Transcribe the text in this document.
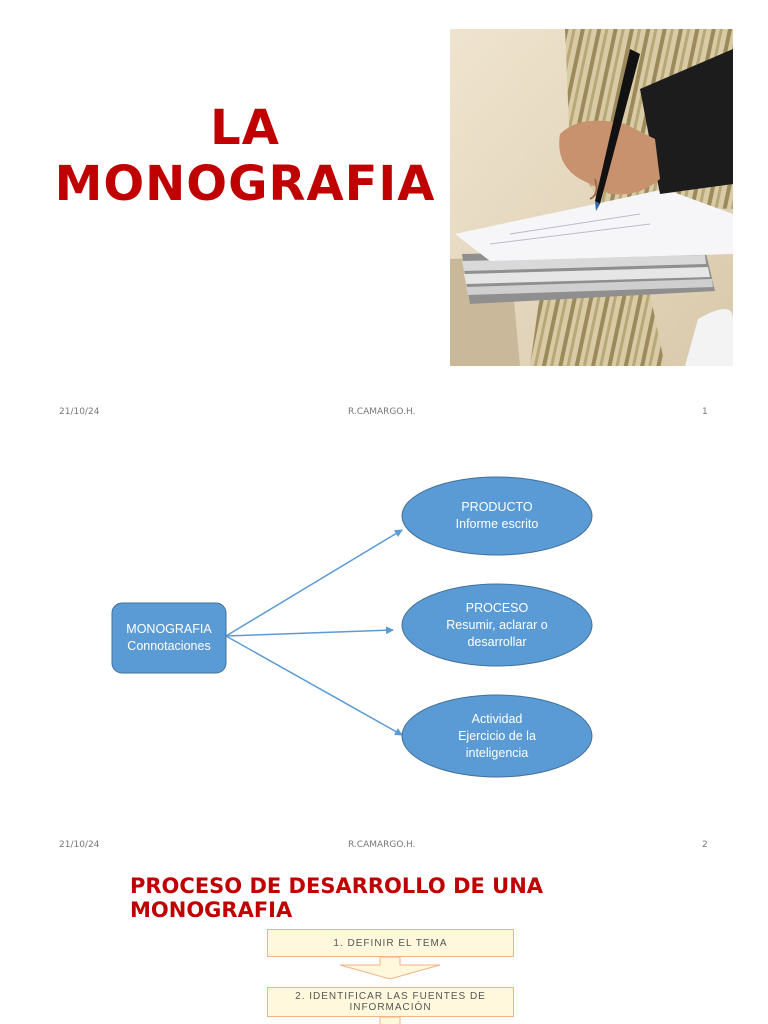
LA
MONOGRAFIA
21/10/24	R.CAMARGO.H.	1
MONOGRAFIA
Connotaciones
PRODUCTO
Informe escrito
PROCESO
Resumir, aclarar o
desarrollar
Actividad
Ejercicio de la
inteligencia
21/10/24	R.CAMARGO.H.	2
PROCESO DE DESARROLLO DE UNA
MONOGRAFIA
1. DEFINIR EL TEMA
2. IDENTIFICAR LAS FUENTES DE
INFORMACIÓN
